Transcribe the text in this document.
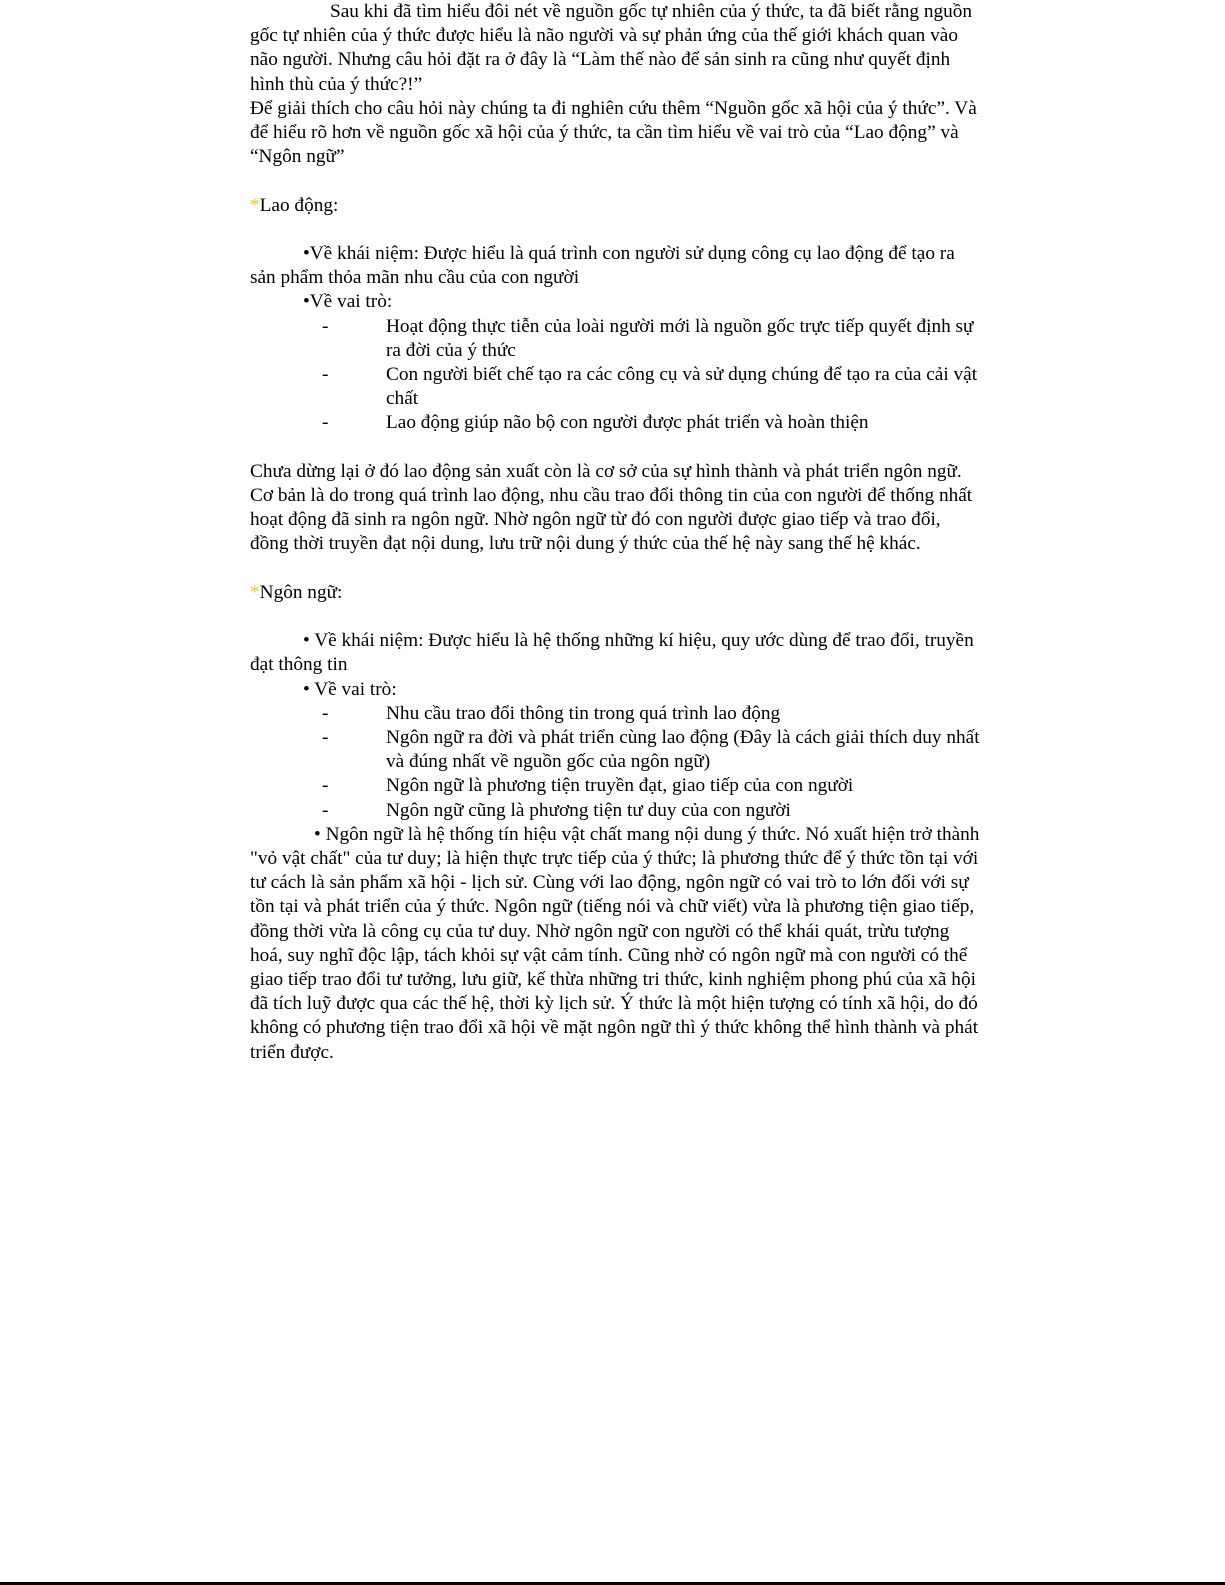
Sau khi đã tìm hiểu đôi nét về nguồn gốc tự nhiên của ý thức, ta đã biết rằng nguồn gốc tự nhiên của ý thức được hiểu là não người và sự phản ứng của thế giới khách quan vào não người. Nhưng câu hỏi đặt ra ở đây là “Làm thế nào để sản sinh ra cũng như quyết định hình thù của ý thức?!”

Để giải thích cho câu hỏi này chúng ta đi nghiên cứu thêm “Nguồn gốc xã hội của ý thức”. Và để hiểu rõ hơn về nguồn gốc xã hội của ý thức, ta cần tìm hiểu về vai trò của “Lao động” và “Ngôn ngữ”

*Lao động:

•Về khái niệm: Được hiểu là quá trình con người sử dụng công cụ lao động để tạo ra sản phẩm thỏa mãn nhu cầu của con người

•Về vai trò:

-	Hoạt động thực tiễn của loài người mới là nguồn gốc trực tiếp quyết định sự ra đời của ý thức

-	Con người biết chế tạo ra các công cụ và sử dụng chúng để tạo ra của cải vật chất

-	Lao động giúp não bộ con người được phát triển và hoàn thiện

Chưa dừng lại ở đó lao động sản xuất còn là cơ sở của sự hình thành và phát triển ngôn ngữ. Cơ bản là do trong quá trình lao động, nhu cầu trao đổi thông tin của con người để thống nhất hoạt động đã sinh ra ngôn ngữ. Nhờ ngôn ngữ từ đó con người được giao tiếp và trao đổi, đồng thời truyền đạt nội dung, lưu trữ nội dung ý thức của thế hệ này sang thế hệ khác.

*Ngôn ngữ:

• Về khái niệm: Được hiểu là hệ thống những kí hiệu, quy ước dùng để trao đổi, truyền đạt thông tin

• Về vai trò:

-	Nhu cầu trao đổi thông tin trong quá trình lao động

-	Ngôn ngữ ra đời và phát triển cùng lao động (Đây là cách giải thích duy nhất và đúng nhất về nguồn gốc của ngôn ngữ)

-	Ngôn ngữ là phương tiện truyền đạt, giao tiếp của con người

-	Ngôn ngữ cũng là phương tiện tư duy của con người

• Ngôn ngữ là hệ thống tín hiệu vật chất mang nội dung ý thức. Nó xuất hiện trở thành "vỏ vật chất" của tư duy; là hiện thực trực tiếp của ý thức; là phương thức để ý thức tồn tại với tư cách là sản phẩm xã hội - lịch sử. Cùng với lao động, ngôn ngữ có vai trò to lớn đối với sự tồn tại và phát triển của ý thức. Ngôn ngữ (tiếng nói và chữ viết) vừa là phương tiện giao tiếp, đồng thời vừa là công cụ của tư duy. Nhờ ngôn ngữ con người có thể khái quát, trừu tượng hoá, suy nghĩ độc lập, tách khỏi sự vật cảm tính. Cũng nhờ có ngôn ngữ mà con người có thể giao tiếp trao đổi tư tưởng, lưu giữ, kế thừa những tri thức, kinh nghiệm phong phú của xã hội đã tích luỹ được qua các thế hệ, thời kỳ lịch sử. Ý thức là một hiện tượng có tính xã hội, do đó không có phương tiện trao đổi xã hội về mặt ngôn ngữ thì ý thức không thể hình thành và phát triển được.
